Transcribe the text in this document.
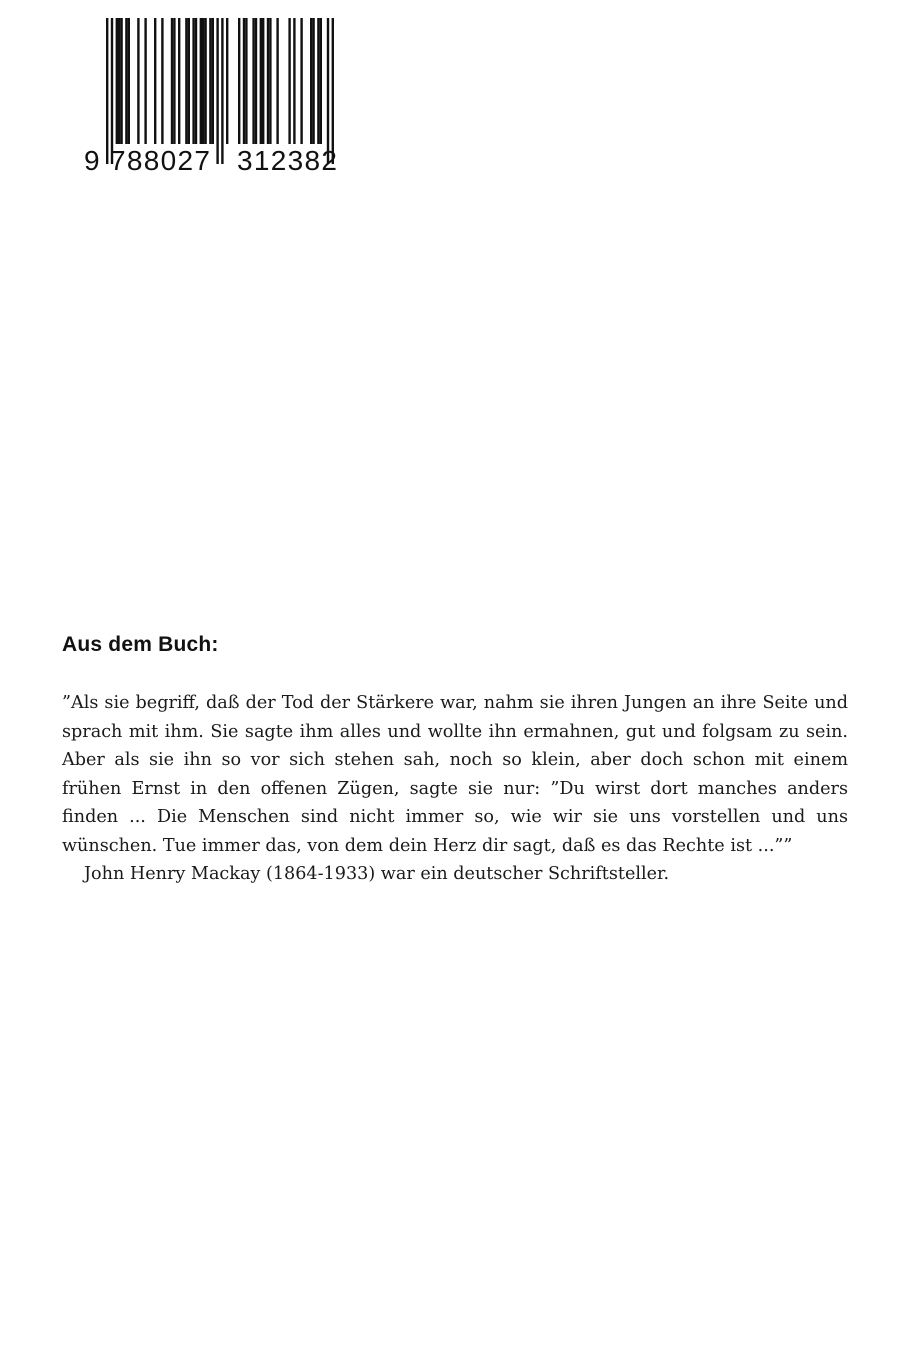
9 788027 312382
Aus dem Buch:

”Als sie begriff, daß der Tod der Stärkere war, nahm sie ihren Jungen an ihre Seite und sprach mit ihm. Sie sagte ihm alles und wollte ihn ermahnen, gut und folgsam zu sein. Aber als sie ihn so vor sich stehen sah, noch so klein, aber doch schon mit einem frühen Ernst in den offenen Zügen, sagte sie nur: ”Du wirst dort manches anders finden ... Die Menschen sind nicht immer so, wie wir sie uns vorstellen und uns wünschen. Tue immer das, von dem dein Herz dir sagt, daß es das Rechte ist ...””

John Henry Mackay (1864-1933) war ein deutscher Schriftsteller.
